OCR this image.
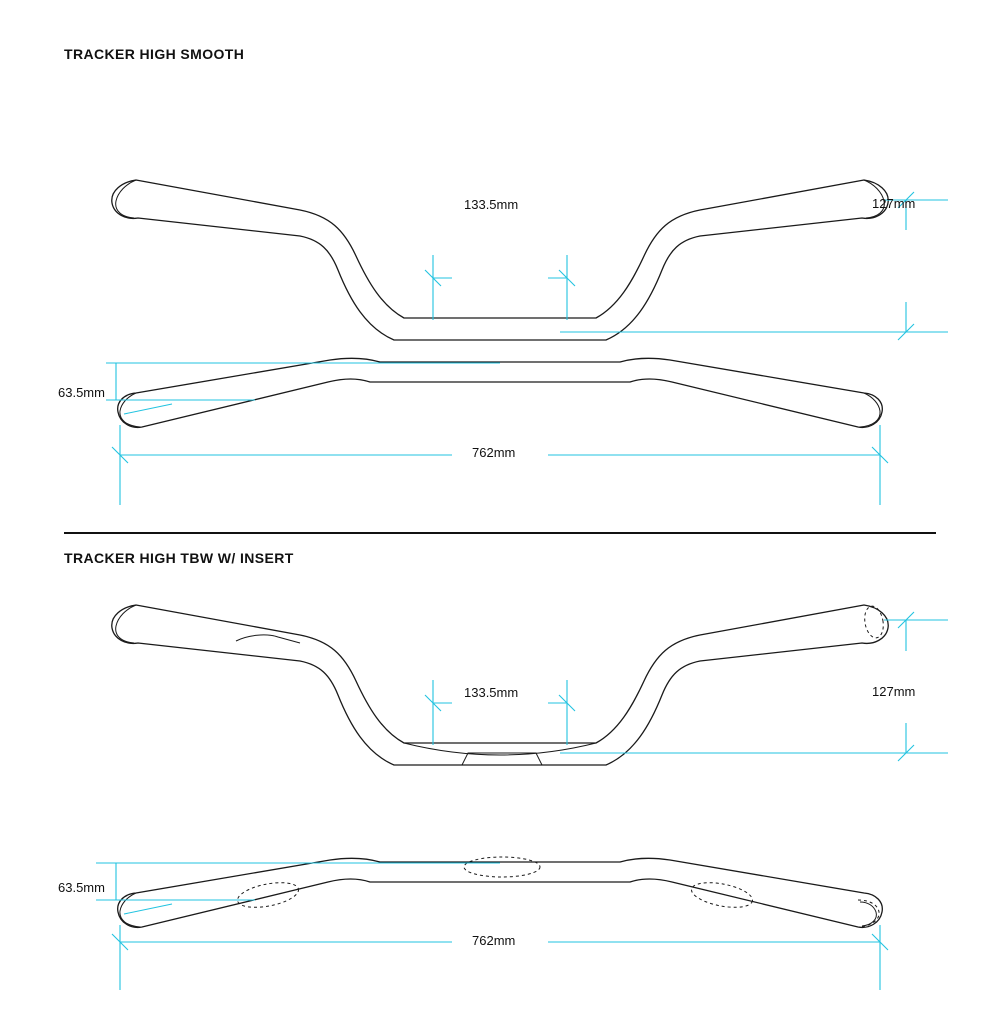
TRACKER HIGH SMOOTH
133.5mm	127mm
63.5mm
762mm
TRACKER HIGH TBW W/ INSERT
133.5mm	127mm
63.5mm
762mm
